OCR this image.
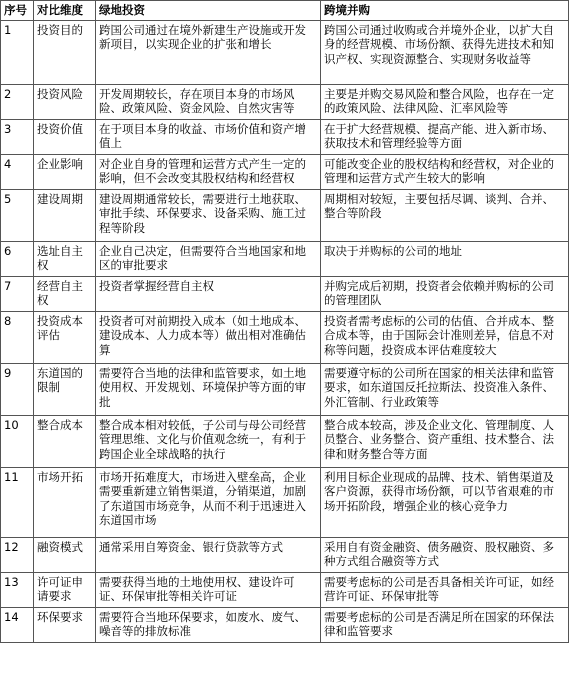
序号	对比维度	绿地投资	跨境并购
1	投资目的	跨国公司通过在境外新建生产设施或开发新项目，以实现企业的扩张和增长	跨国公司通过收购或合并境外企业，以扩大自身的经营规模、市场份额、获得先进技术和知识产权、实现资源整合、实现财务收益等
2	投资风险	开发周期较长，存在项目本身的市场风险、政策风险、资金风险、自然灾害等	主要是并购交易风险和整合风险，也存在一定的政策风险、法律风险、汇率风险等
3	投资价值	在于项目本身的收益、市场价值和资产增值上	在于扩大经营规模、提高产能、进入新市场、获取技术和管理经验等方面
4	企业影响	对企业自身的管理和运营方式产生一定的影响，但不会改变其股权结构和经营权	可能改变企业的股权结构和经营权，对企业的管理和运营方式产生较大的影响
5	建设周期	建设周期通常较长，需要进行土地获取、审批手续、环保要求、设备采购、施工过程等阶段	周期相对较短，主要包括尽调、谈判、合并、整合等阶段
6	选址自主权	企业自己决定，但需要符合当地国家和地区的审批要求	取决于并购标的公司的地址
7	经营自主权	投资者掌握经营自主权	并购完成后初期，投资者会依赖并购标的公司的管理团队
8	投资成本评估	投资者可对前期投入成本（如土地成本、建设成本、人力成本等）做出相对准确估算	投资者需考虑标的公司的估值、合并成本、整合成本等，由于国际会计准则差异，信息不对称等问题，投资成本评估难度较大
9	东道国的限制	需要符合当地的法律和监管要求，如土地使用权、开发规划、环境保护等方面的审批	需要遵守标的公司所在国家的相关法律和监管要求，如东道国反托拉斯法、投资准入条件、外汇管制、行业政策等
10	整合成本	整合成本相对较低，子公司与母公司经营管理思维、文化与价值观念统一，有利于跨国企业全球战略的执行	整合成本较高，涉及企业文化、管理制度、人员整合、业务整合、资产重组、技术整合、法律和财务整合等方面
11	市场开拓	市场开拓难度大，市场进入壁垒高，企业需要重新建立销售渠道，分销渠道，加剧了东道国市场竞争，从而不利于迅速进入东道国市场	利用目标企业现成的品牌、技术、销售渠道及客户资源，获得市场份额，可以节省艰难的市场开拓阶段，增强企业的核心竞争力
12	融资模式	通常采用自筹资金、银行贷款等方式	采用自有资金融资、债务融资、股权融资、多种方式组合融资等方式
13	许可证申请要求	需要获得当地的土地使用权、建设许可证、环保审批等相关许可证	需要考虑标的公司是否具备相关许可证，如经营许可证、环保审批等
14	环保要求	需要符合当地环保要求，如废水、废气、噪音等的排放标准	需要考虑标的公司是否满足所在国家的环保法律和监管要求
